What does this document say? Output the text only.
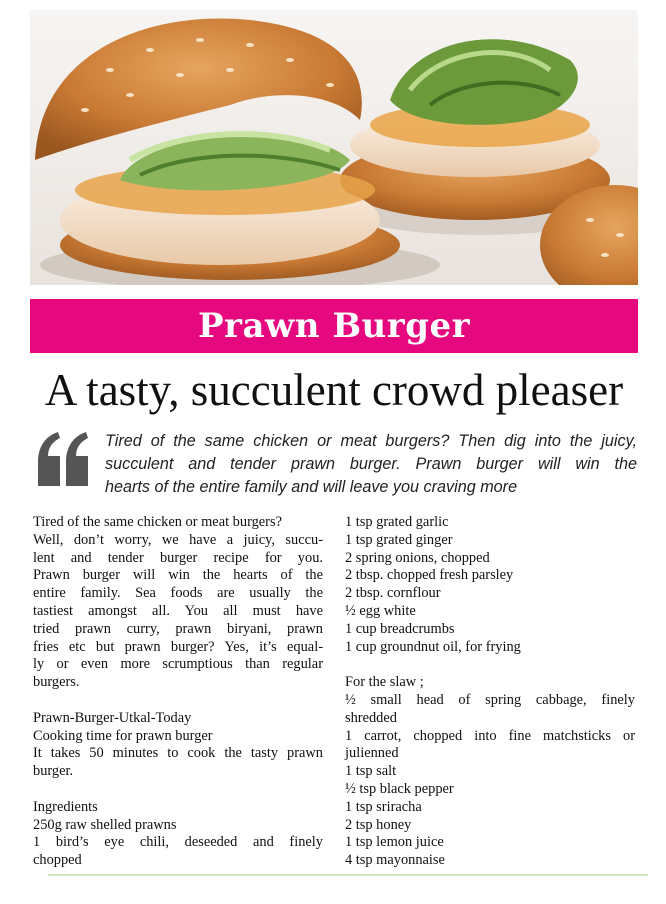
Prawn Burger
A tasty, succulent crowd pleaser

Tired of the same chicken or meat burgers? Then dig into the juicy,
succulent and tender prawn burger. Prawn burger will win the
hearts of the entire family and will leave you craving more

Tired of the same chicken or meat burgers?
Well, don’t worry, we have a juicy, succu-
lent and tender burger recipe for you.
Prawn burger will win the hearts of the
entire family. Sea foods are usually the
tastiest amongst all. You all must have
tried prawn curry, prawn biryani, prawn
fries etc but prawn burger? Yes, it’s equal-
ly or even more scrumptious than regular
burgers.
Prawn-Burger-Utkal-Today
Cooking time for prawn burger
It takes 50 minutes to cook the tasty prawn
burger.
Ingredients
250g raw shelled prawns
1 bird’s eye chili, deseeded and finely
chopped
1 tsp grated garlic
1 tsp grated ginger
2 spring onions, chopped
2 tbsp. chopped fresh parsley
2 tbsp. cornflour
½ egg white
1 cup breadcrumbs
1 cup groundnut oil, for frying
For the slaw ;
½ small head of spring cabbage, finely
shredded
1 carrot, chopped into fine matchsticks or
julienned
1 tsp salt
½ tsp black pepper
1 tsp sriracha
2 tsp honey
1 tsp lemon juice
4 tsp mayonnaise
